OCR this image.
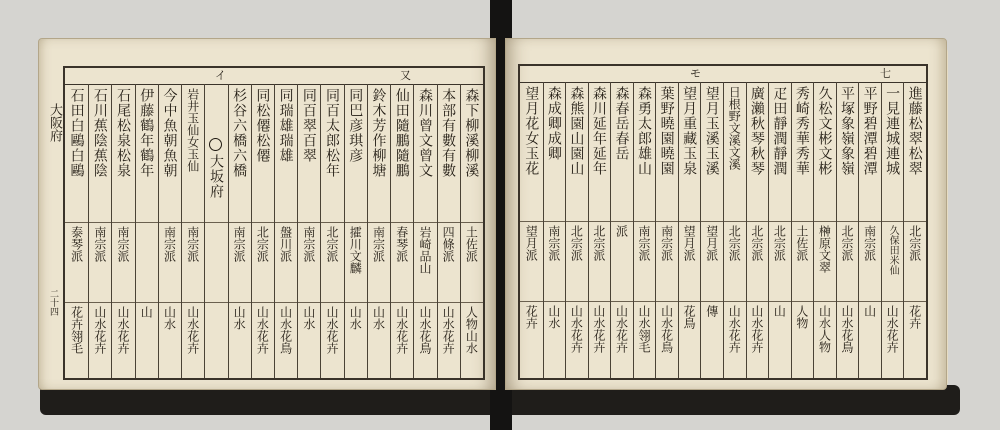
イ	又
森下柳溪柳溪
土佐派
人物山水
本部有數有數
四條派
山水花卉
森川曾文曾文
岩崎品山
山水花鳥
仙田隨鵬隨鵬
春琴派
山水花卉
鈴木芳作柳塘
南宗派
山水
同巴彦琪彦
攉川文麟
山水
同百太郎松年
北宗派
山水花卉
同百翠百翠
南宗派
山水
同瑞雄瑞雄
盤川派
山水花鳥
同松僊松僊
北宗派
山水花卉
杉谷六橋六橋
南宗派
山水
大坂府
岩井玉仙女玉仙
南宗派
山水花卉
今中魚朝魚朝
南宗派
山水
伊藤鶴年鶴年
山
石尾松泉松泉
南宗派
山水花卉
石川蕉陰蕉陰
南宗派
山水花卉
石田白鷗白鷗
泰琴派
花卉翎毛
大阪府
二十四
モ	七
進藤松翠松翠
北宗派
花卉
一見連城連城
久保田米仙
山水花卉
平野碧潭碧潭
南宗派
山
平塚象嶺象嶺
北宗派
山水花鳥
久松文彬文彬
榊原文翠
山水人物
秀崎秀華秀華
土佐派
人物
疋田靜潤靜潤
北宗派
山
廣瀨秋琴秋琴
北宗派
山水花卉
日根野文溪文溪
北宗派
山水花卉
望月玉溪玉溪
望月派
傳
望月重藏玉泉
望月派
花鳥
葉野曉園曉園
南宗派
山水花鳥
森勇太郎雄山
南宗派
山水翎毛
森春岳春岳
派
山水花卉
森川延年延年
北宗派
山水花卉
森熊園山園山
北宗派
山水花卉
森成卿成卿
南宗派
山水
望月花女玉花
望月派
花卉
